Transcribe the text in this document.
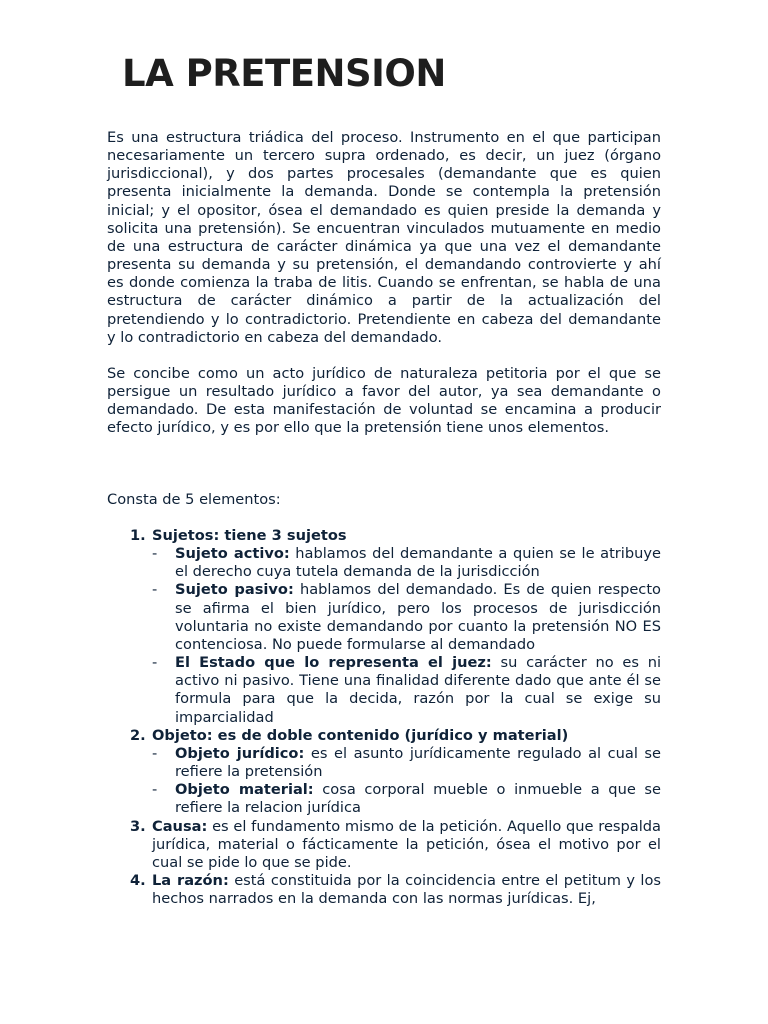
LA PRETENSION

Es una estructura triádica del proceso. Instrumento en el que participan necesariamente un tercero supra ordenado, es decir, un juez (órgano jurisdiccional), y dos partes procesales (demandante que es quien presenta inicialmente la demanda. Donde se contempla la pretensión inicial; y el opositor, ósea el demandado es quien preside la demanda y solicita una pretensión). Se encuentran vinculados mutuamente en medio de una estructura de carácter dinámica ya que una vez el demandante presenta su demanda y su pretensión, el demandando controvierte y ahí es donde comienza la traba de litis. Cuando se enfrentan, se habla de una estructura de carácter dinámico a partir de la actualización del pretendiendo y lo contradictorio. Pretendiente en cabeza del demandante y lo contradictorio en cabeza del demandado.

Se concibe como un acto jurídico de naturaleza petitoria por el que se persigue un resultado jurídico a favor del autor, ya sea demandante o demandado. De esta manifestación de voluntad se encamina a producir efecto jurídico, y es por ello que la pretensión tiene unos elementos.

Consta de 5 elementos:

1. Sujetos: tiene 3 sujetos
- Sujeto activo: hablamos del demandante a quien se le atribuye el derecho cuya tutela demanda de la jurisdicción
- Sujeto pasivo: hablamos del demandado. Es de quien respecto se afirma el bien jurídico, pero los procesos de jurisdicción voluntaria no existe demandando por cuanto la pretensión NO ES contenciosa. No puede formularse al demandado
- El Estado que lo representa el juez: su carácter no es ni activo ni pasivo. Tiene una finalidad diferente dado que ante él se formula para que la decida, razón por la cual se exige su imparcialidad
2. Objeto: es de doble contenido (jurídico y material)
- Objeto jurídico: es el asunto jurídicamente regulado al cual se refiere la pretensión
- Objeto material: cosa corporal mueble o inmueble a que se refiere la relacion jurídica
3. Causa: es el fundamento mismo de la petición. Aquello que respalda jurídica, material o fácticamente la petición, ósea el motivo por el cual se pide lo que se pide.
4. La razón: está constituida por la coincidencia entre el petitum y los hechos narrados en la demanda con las normas jurídicas. Ej,
